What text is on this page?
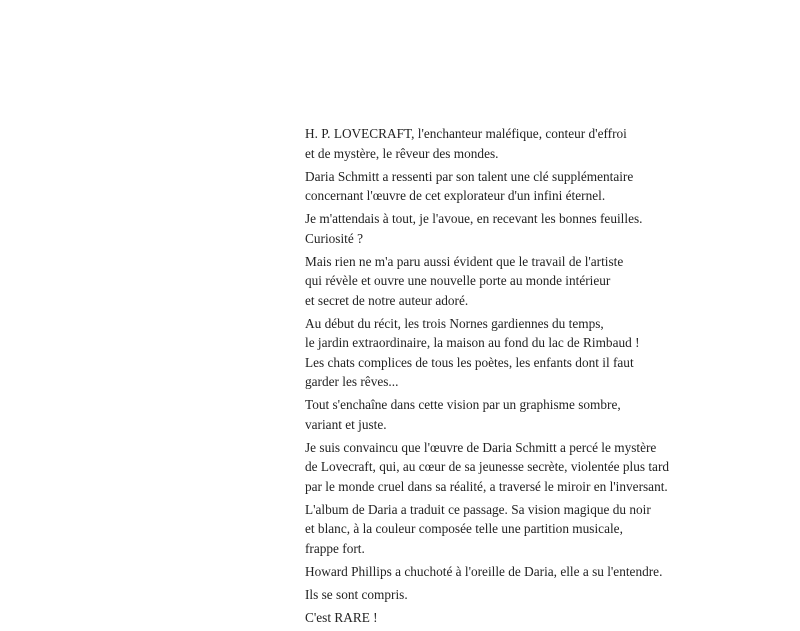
H. P. LOVECRAFT, l'enchanteur maléfique, conteur d'effroi
et de mystère, le rêveur des mondes.

Daria Schmitt a ressenti par son talent une clé supplémentaire
concernant l'œuvre de cet explorateur d'un infini éternel.

Je m'attendais à tout, je l'avoue, en recevant les bonnes feuilles.
Curiosité ?

Mais rien ne m'a paru aussi évident que le travail de l'artiste
qui révèle et ouvre une nouvelle porte au monde intérieur
et secret de notre auteur adoré.

Au début du récit, les trois Nornes gardiennes du temps,
le jardin extraordinaire, la maison au fond du lac de Rimbaud !
Les chats complices de tous les poètes, les enfants dont il faut
garder les rêves...

Tout s'enchaîne dans cette vision par un graphisme sombre,
variant et juste.

Je suis convaincu que l'œuvre de Daria Schmitt a percé le mystère
de Lovecraft, qui, au cœur de sa jeunesse secrète, violentée plus tard
par le monde cruel dans sa réalité, a traversé le miroir en l'inversant.

L'album de Daria a traduit ce passage. Sa vision magique du noir
et blanc, à la couleur composée telle une partition musicale,
frappe fort.

Howard Phillips a chuchoté à l'oreille de Daria, elle a su l'entendre.

Ils se sont compris.

C'est RARE !
